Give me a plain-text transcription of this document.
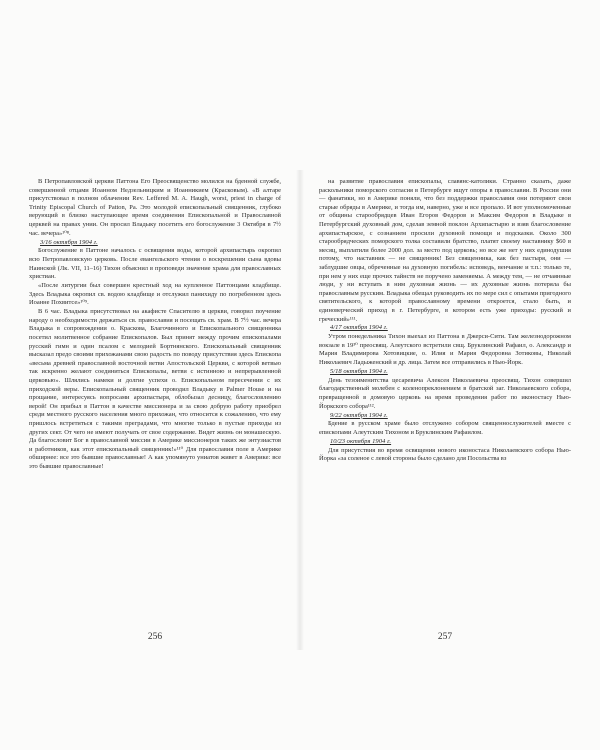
В Петропавловской церкви Паттона Его Преосвященство молился на бденной службе, совершенной отцами Иоанном Недзельницким и Иоанникием (Красковым). «В алтаре присутствовал в полном облачении Rev. Leffered M. A. Haugh, worst, priest in charge of Trinity Episcopal Church of Patton, Pa. Это молодой епископальный священник, глубоко верующий в близко наступающее время соединения Епископальной и Православной церквей на правах унии. Он просил Владыку посетить его богослужение 3 Октября в 7½ час. вечера»¹⁰⁸.

3/16 октября 1904 г.

Богослужение в Паттоне началось с освящения воды, которой архипастырь окропил всю Петропавловскую церковь. После евангельского чтения о воскрешении сына вдовы Наинской (Лк. VII, 11–16) Тихон объяснил в проповеди значение храма для православных христиан.

«После литургии был совершен крестный ход на купленное Паттонцами кладбище. Здесь Владыка окропил св. водою кладбище и отслужил панихиду по погребенном здесь Иоанне Похвитсе»¹⁰⁹.

В 6 час. Владыка присутствовал на акафисте Спасителю в церкви, говорил поучение народу о необходимости держаться св. православия и посещать св. храм. В 7½ час. вечера Владыка в сопровождении о. Краскова, Благочинного и Епископального священника посетил молитвенное собрание Епископалов. Был принят между прочим епископалами русский гимн и один псалом с мелодией Бортнянского. Епископальный священник высказал предо своими прихожанами свою радость по поводу присутствия здесь Епископа «весьма древней православной восточной ветви Апостольской Церкви, с которой ветвью так искренно желают соединиться Епископалы, ветви с истинною и непрерывленной церковью». Шлялись намеки и долгие успехи о. Епископальном пересечении с их приходской веры. Епископальный священник проводил Владыку в Palmer House и на прощание, интересуясь вопросами архипастыря, облобызал десницу, благословлению верой! Он прибыл в Паттон в качестве миссионера и за свою добрую работу приобрел среди местного русского населения много прихожан, что относится к сожалению, что ему пришлось встретиться с такими преградами, что многие только в пустые приходы из других сект. От чего не имеют получать от свое содержание. Видет жизнь он монашескую. Да благословит Бог в православной миссии в Америке миссионеров таких же энтузиастов и работников, как этот епископальный священник!»¹¹⁰ Для православия поле в Америке обширнее: все это бывшие православные! А как упомянуто униатов живет в Америке: все это бывшие православные!

256

на развитие православия епископалы, славянс-католики. Странно сказать, даже раскольники поморского согласия в Петербурге ищут опоры в православии. В России они — фанатики, но в Америке поняли, что без поддержки православия они потеряют свои старые обряды в Америке, и тогда им, наверно, уже и все пропало. И вот уполномоченные от общины старообрядцев Иван Егоров Федоров и Максим Федоров в Владыке в Петербургский духовный дом, сделав земной поклон Архипастырю и взяв благословение архипастырское, с сознанием просили духовной помощи и подсказки. Около 300 старообрядческих поморского толка составили братство, платят своему наставнику $60 в месяц, выплатили более 2000 дол. за место под церковь; но все же нет у них единодушия потому, что наставник — не священник! Без священника, как без пастыря, они — заблудшие овцы, обреченные на духовную погибель: исповедь, венчание и т.п.: только те, при нем у них еще прочих тайнств не поручено заменяемы. А между тем, — не отчаянные люди, у ни вступать в ним духовная жизнь — их духовные жизнь потеряла бы православным русским. Владыка обещал руководить их по мере сил с опытами пригодного святительского, к которой православному времени откроется, стало быть, и единоверческий приход в г. Петербурге, в котором есть уже приходы: русский и греческий»¹¹¹.

4/17 октября 1904 г.

Утром понедельника Тихон выехал из Паттона в Джерси-Сити. Там железнодорожном вокзале в 19³⁰ преосвящ. Алеутского встретили свщ. Бруклинский Рафаил, о. Александр и Мария Владимирова Хотовицкие, о. Илия и Мария Федоровна Зотиковы, Николай Николаевич Ладыженский и др. лица. Затем все отправились в Нью-Йорк.

5/18 октября 1904 г.

День тезоименитства цесаревича Алексея Николаевича преосвящ. Тихон совершил благодарственный молебен с коленопреклонением в братской заг. Николаевского собора, превращенной в домовую церковь на время проведения работ по иконостасу Нью-Йоркского собора¹¹².

9/22 октября 1904 г.

Бдение в русском храме было отслужено собором священнослужителей вместе с епископами Алеутским Тихоном и Бруклинским Рафаилом.

10/23 октября 1904 г.

Для присутствия во время освящения нового иконостаса Николаевского собора Нью-Йорка «за соленое с левой стороны было сделано для Посольства вз

257
